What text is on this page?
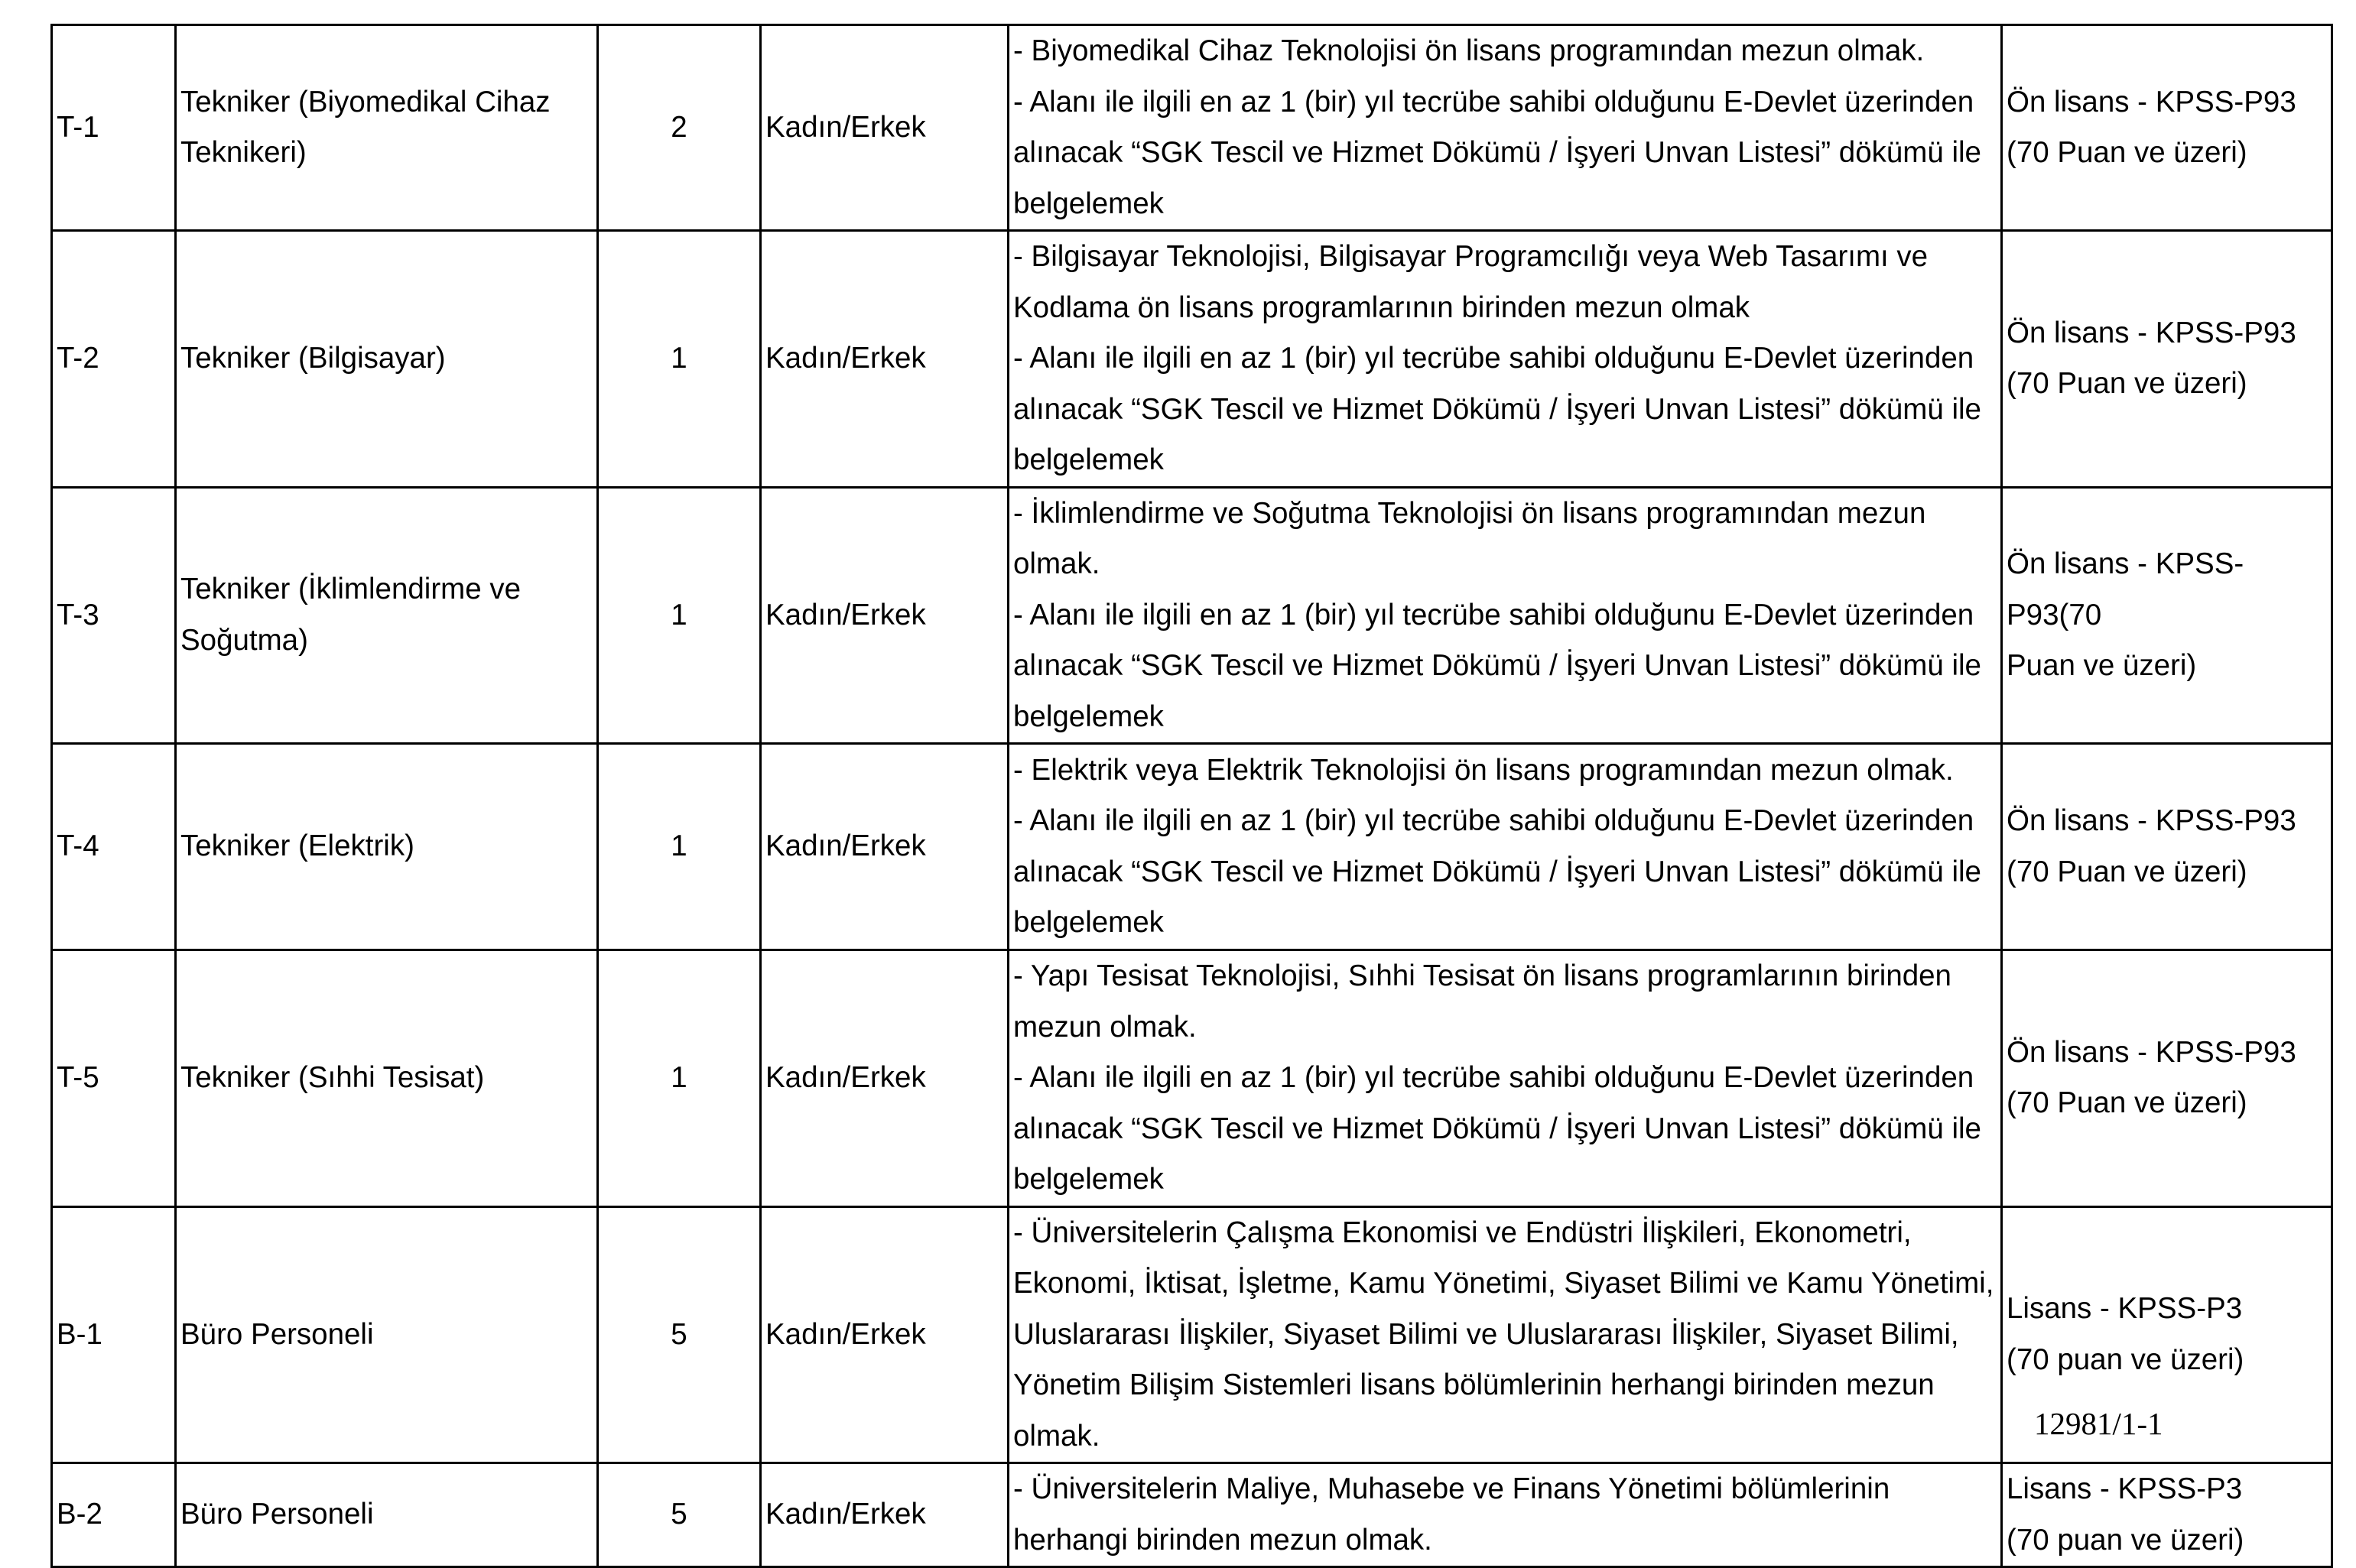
T-1	Tekniker (Biyomedikal Cihaz
Teknikeri)	2	Kadın/Erkek	- Biyomedikal Cihaz Teknolojisi ön lisans programından mezun olmak.
- Alanı ile ilgili en az 1 (bir) yıl tecrübe sahibi olduğunu E-Devlet üzerinden alınacak “SGK Tescil ve Hizmet Dökümü / İşyeri Unvan Listesi” dökümü ile belgelemek	Ön lisans - KPSS-P93
(70 Puan ve üzeri)
T-2	Tekniker (Bilgisayar)	1	Kadın/Erkek	- Bilgisayar Teknolojisi, Bilgisayar Programcılığı veya Web Tasarımı ve Kodlama ön lisans programlarının birinden mezun olmak
- Alanı ile ilgili en az 1 (bir) yıl tecrübe sahibi olduğunu E-Devlet üzerinden alınacak “SGK Tescil ve Hizmet Dökümü / İşyeri Unvan Listesi” dökümü ile belgelemek	Ön lisans - KPSS-P93
(70 Puan ve üzeri)
T-3	Tekniker (İklimlendirme ve
Soğutma)	1	Kadın/Erkek	- İklimlendirme ve Soğutma Teknolojisi ön lisans programından mezun olmak.
- Alanı ile ilgili en az 1 (bir) yıl tecrübe sahibi olduğunu E-Devlet üzerinden alınacak “SGK Tescil ve Hizmet Dökümü / İşyeri Unvan Listesi” dökümü ile belgelemek	Ön lisans - KPSS-P93(70
Puan ve üzeri)
T-4	Tekniker (Elektrik)	1	Kadın/Erkek	- Elektrik veya Elektrik Teknolojisi ön lisans programından mezun olmak.
- Alanı ile ilgili en az 1 (bir) yıl tecrübe sahibi olduğunu E-Devlet üzerinden alınacak “SGK Tescil ve Hizmet Dökümü / İşyeri Unvan Listesi” dökümü ile belgelemek	Ön lisans - KPSS-P93
(70 Puan ve üzeri)
T-5	Tekniker (Sıhhi Tesisat)	1	Kadın/Erkek	- Yapı Tesisat Teknolojisi, Sıhhi Tesisat ön lisans programlarının birinden mezun olmak.
- Alanı ile ilgili en az 1 (bir) yıl tecrübe sahibi olduğunu E-Devlet üzerinden alınacak “SGK Tescil ve Hizmet Dökümü / İşyeri Unvan Listesi” dökümü ile belgelemek	Ön lisans - KPSS-P93
(70 Puan ve üzeri)
B-1	Büro Personeli	5	Kadın/Erkek	- Üniversitelerin Çalışma Ekonomisi ve Endüstri İlişkileri, Ekonometri, Ekonomi, İktisat, İşletme, Kamu Yönetimi, Siyaset Bilimi ve Kamu Yönetimi, Uluslararası İlişkiler, Siyaset Bilimi ve Uluslararası İlişkiler, Siyaset Bilimi, Yönetim Bilişim Sistemleri lisans bölümlerinin herhangi birinden mezun olmak.	Lisans - KPSS-P3
(70 puan ve üzeri)
B-2	Büro Personeli	5	Kadın/Erkek	- Üniversitelerin Maliye, Muhasebe ve Finans Yönetimi bölümlerinin herhangi birinden mezun olmak.	Lisans - KPSS-P3
(70 puan ve üzeri)
12981/1-1
